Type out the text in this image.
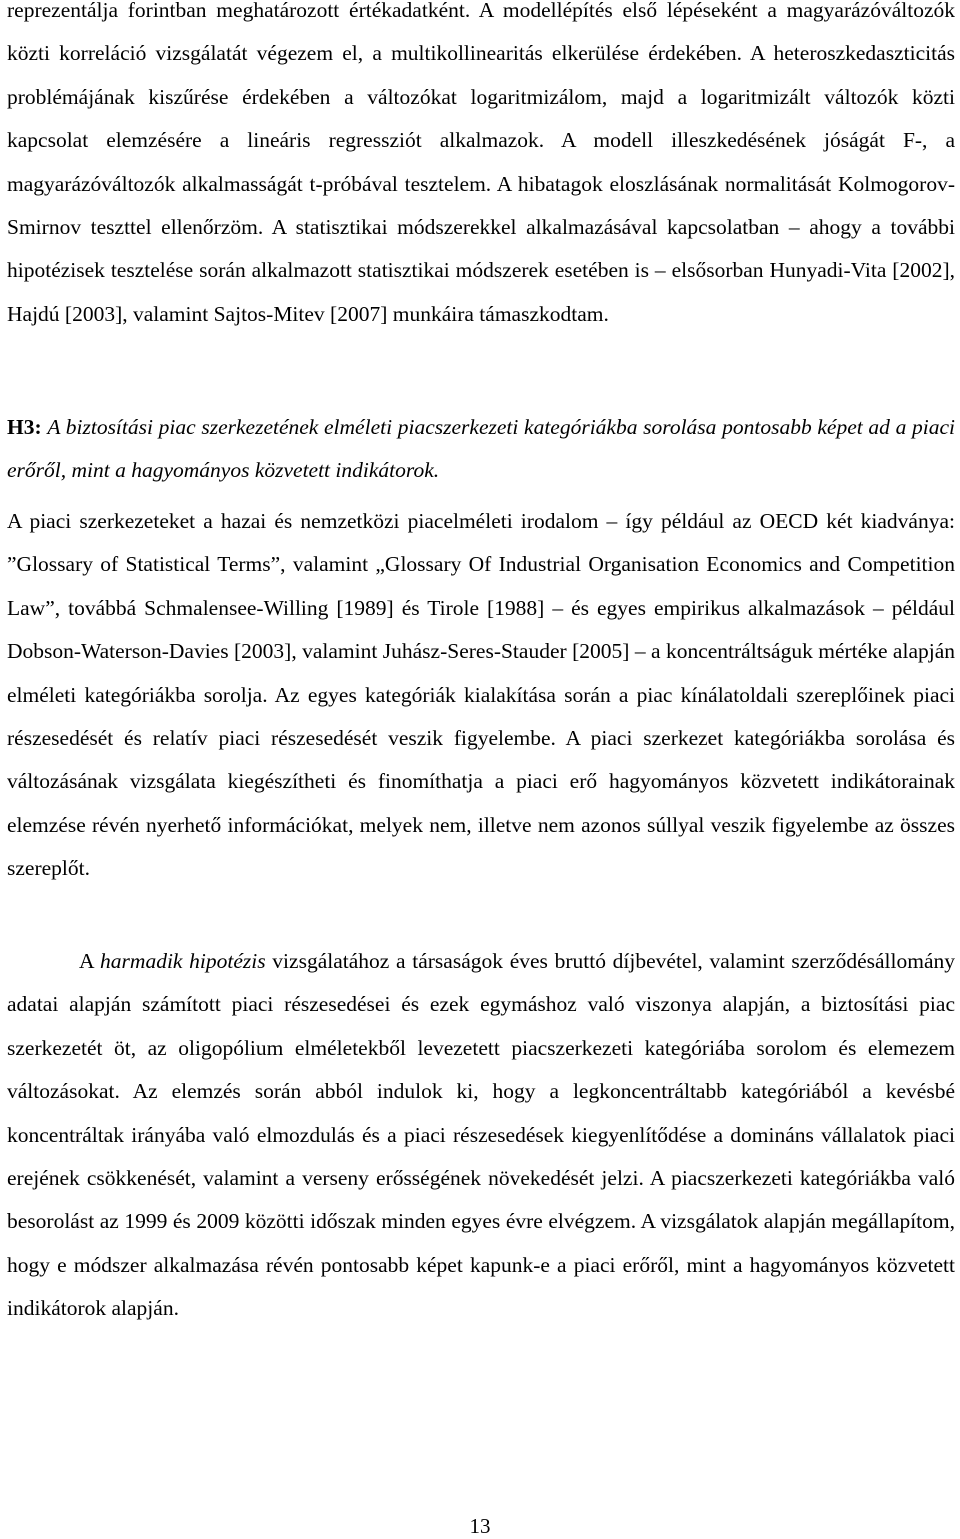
reprezentálja forintban meghatározott értékadatként. A modellépítés első lépéseként a magyarázóváltozók közti korreláció vizsgálatát végezem el, a multikollinearitás elkerülése érdekében. A heteroszkedaszticitás problémájának kiszűrése érdekében a változókat logaritmizálom, majd a logaritmizált változók közti kapcsolat elemzésére a lineáris regressziót alkalmazok. A modell illeszkedésének jóságát F-, a magyarázóváltozók alkalmasságát t-próbával tesztelem. A hibatagok eloszlásának normalitását Kolmogorov-Smirnov teszttel ellenőrzöm. A statisztikai módszerekkel alkalmazásával kapcsolatban – ahogy a további hipotézisek tesztelése során alkalmazott statisztikai módszerek esetében is – elsősorban Hunyadi-Vita [2002], Hajdú [2003], valamint Sajtos-Mitev [2007] munkáira támaszkodtam.

H3: A biztosítási piac szerkezetének elméleti piacszerkezeti kategóriákba sorolása pontosabb képet ad a piaci erőről, mint a hagyományos közvetett indikátorok.

A piaci szerkezeteket a hazai és nemzetközi piacelméleti irodalom – így például az OECD két kiadványa: ”Glossary of Statistical Terms”, valamint „Glossary Of Industrial Organisation Economics and Competition Law”, továbbá Schmalensee-Willing [1989] és Tirole [1988] – és egyes empirikus alkalmazások – például Dobson-Waterson-Davies [2003], valamint Juhász-Seres-Stauder [2005] – a koncentráltságuk mértéke alapján elméleti kategóriákba sorolja. Az egyes kategóriák kialakítása során a piac kínálatoldali szereplőinek piaci részesedését és relatív piaci részesedését veszik figyelembe. A piaci szerkezet kategóriákba sorolása és változásának vizsgálata kiegészítheti és finomíthatja a piaci erő hagyományos közvetett indikátorainak elemzése révén nyerhető információkat, melyek nem, illetve nem azonos súllyal veszik figyelembe az összes szereplőt.

A harmadik hipotézis vizsgálatához a társaságok éves bruttó díjbevétel, valamint szerződésállomány adatai alapján számított piaci részesedései és ezek egymáshoz való viszonya alapján, a biztosítási piac szerkezetét öt, az oligopólium elméletekből levezetett piacszerkezeti kategóriába sorolom és elemezem változásokat. Az elemzés során abból indulok ki, hogy a legkoncentráltabb kategóriából a kevésbé koncentráltak irányába való elmozdulás és a piaci részesedések kiegyenlítődése a domináns vállalatok piaci erejének csökkenését, valamint a verseny erősségének növekedését jelzi. A piacszerkezeti kategóriákba való besorolást az 1999 és 2009 közötti időszak minden egyes évre elvégzem. A vizsgálatok alapján megállapítom, hogy e módszer alkalmazása révén pontosabb képet kapunk-e a piaci erőről, mint a hagyományos közvetett indikátorok alapján.

13
